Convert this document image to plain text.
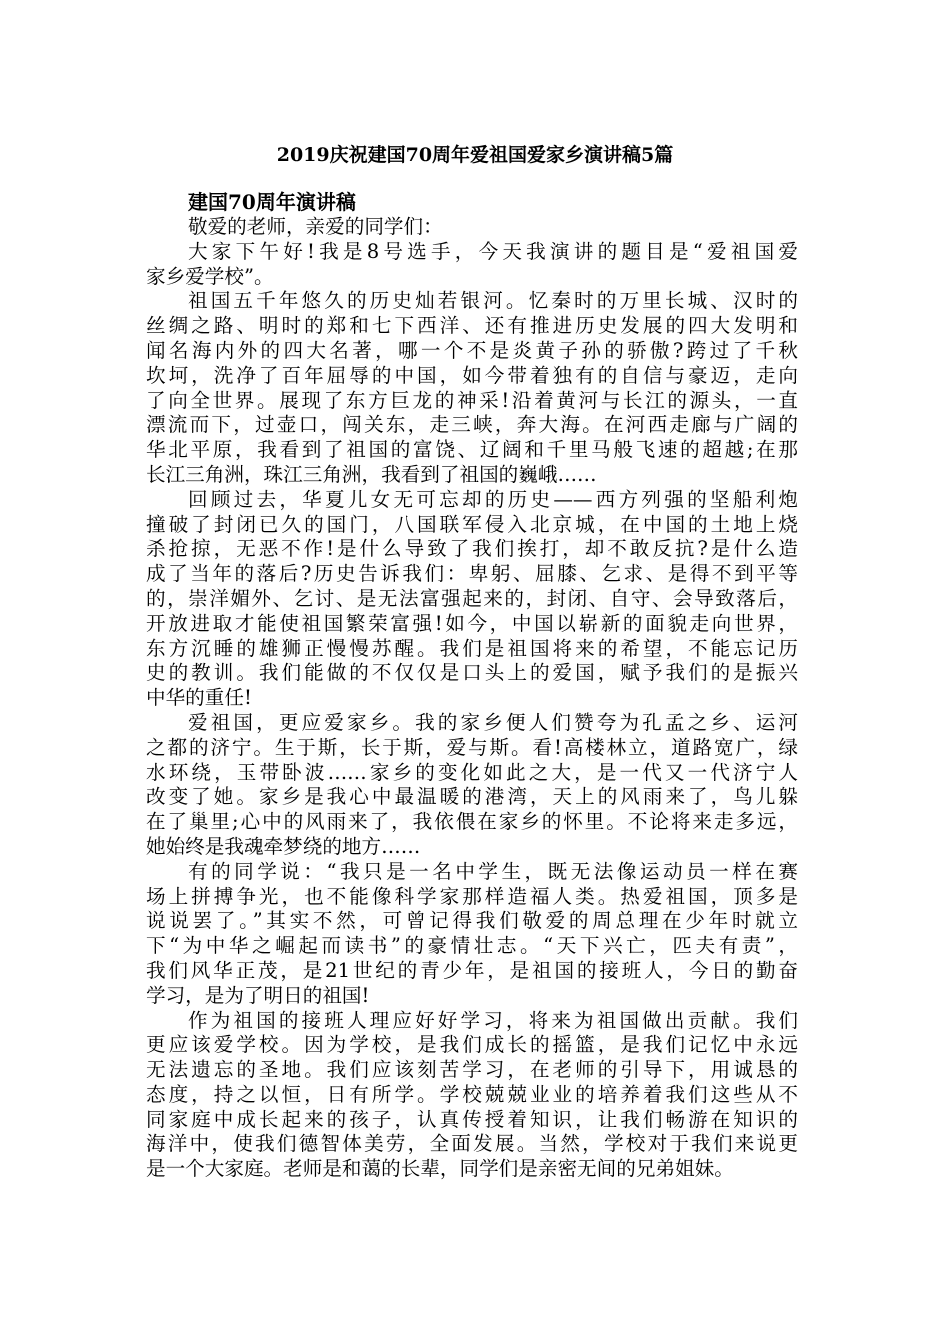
2019庆祝建国70周年爱祖国爱家乡演讲稿5篇
建国70周年演讲稿
敬爱的老师，亲爱的同学们：
大家下午好!我是8号选手，今天我演讲的题目是“爱祖国爱
家乡爱学校”。
祖国五千年悠久的历史灿若银河。忆秦时的万里长城、汉时的
丝绸之路、明时的郑和七下西洋、还有推进历史发展的四大发明和
闻名海内外的四大名著，哪一个不是炎黄子孙的骄傲?跨过了千秋
坎坷，洗净了百年屈辱的中国，如今带着独有的自信与豪迈，走向
了向全世界。展现了东方巨龙的神采!沿着黄河与长江的源头，一直
漂流而下，过壶口，闯关东，走三峡，奔大海。在河西走廊与广阔的
华北平原，我看到了祖国的富饶、辽阔和千里马般飞速的超越;在那
长江三角洲，珠江三角洲，我看到了祖国的巍峨……
回顾过去，华夏儿女无可忘却的历史——西方列强的坚船利炮
撞破了封闭已久的国门，八国联军侵入北京城，在中国的土地上烧
杀抢掠，无恶不作!是什么导致了我们挨打，却不敢反抗?是什么造
成了当年的落后?历史告诉我们：卑躬、屈膝、乞求、是得不到平等
的，崇洋媚外、乞讨、是无法富强起来的，封闭、自守、会导致落后，
开放进取才能使祖国繁荣富强!如今，中国以崭新的面貌走向世界，
东方沉睡的雄狮正慢慢苏醒。我们是祖国将来的希望，不能忘记历
史的教训。我们能做的不仅仅是口头上的爱国，赋予我们的是振兴
中华的重任!
爱祖国，更应爱家乡。我的家乡便人们赞夸为孔孟之乡、运河
之都的济宁。生于斯，长于斯，爱与斯。看!高楼林立，道路宽广，绿
水环绕，玉带卧波……家乡的变化如此之大，是一代又一代济宁人
改变了她。家乡是我心中最温暖的港湾，天上的风雨来了，鸟儿躲
在了巢里;心中的风雨来了，我依偎在家乡的怀里。不论将来走多远，
她始终是我魂牵梦绕的地方……
有的同学说：“我只是一名中学生，既无法像运动员一样在赛
场上拼搏争光，也不能像科学家那样造福人类。热爱祖国，顶多是
说说罢了。”其实不然，可曾记得我们敬爱的周总理在少年时就立
下“为中华之崛起而读书”的豪情壮志。“天下兴亡，匹夫有责”，
我们风华正茂，是21世纪的青少年，是祖国的接班人，今日的勤奋
学习，是为了明日的祖国!
作为祖国的接班人理应好好学习，将来为祖国做出贡献。我们
更应该爱学校。因为学校，是我们成长的摇篮，是我们记忆中永远
无法遗忘的圣地。我们应该刻苦学习，在老师的引导下，用诚恳的
态度，持之以恒，日有所学。学校兢兢业业的培养着我们这些从不
同家庭中成长起来的孩子，认真传授着知识，让我们畅游在知识的
海洋中，使我们德智体美劳，全面发展。当然，学校对于我们来说更
是一个大家庭。老师是和蔼的长辈，同学们是亲密无间的兄弟姐妹。
